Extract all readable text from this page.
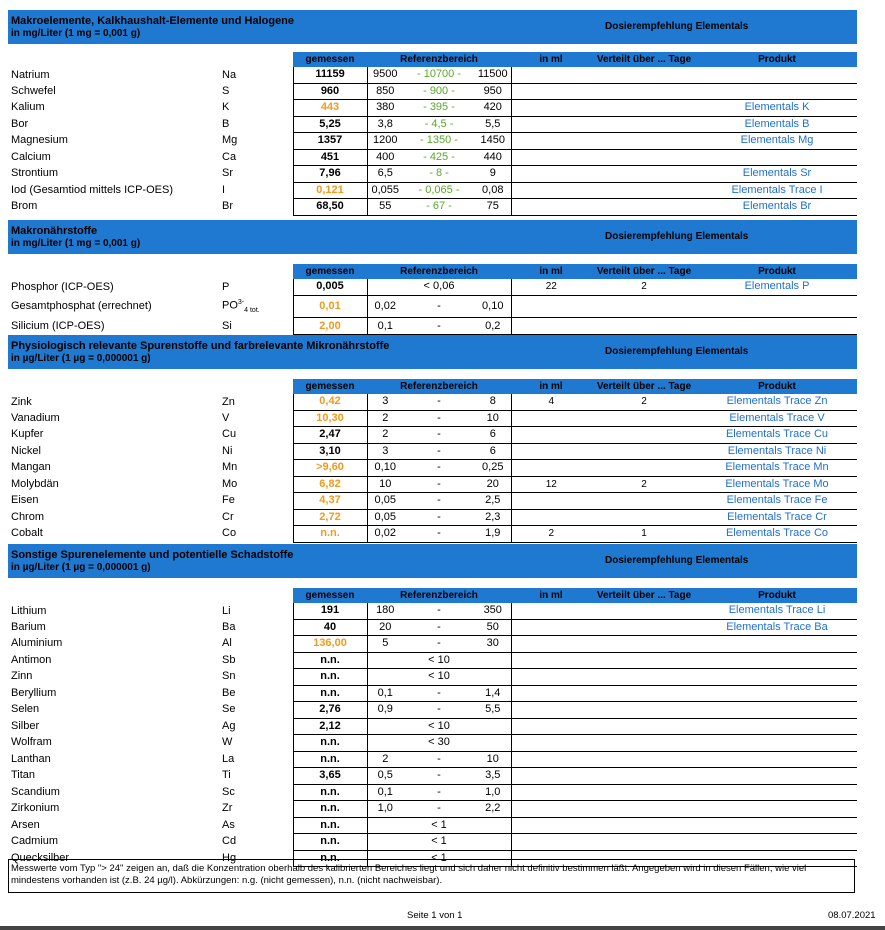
Makroelemente, Kalkhaushalt-Elemente und Halogene
in mg/Liter (1 mg = 0,001 g)
Dosierempfehlung Elementals
		gemessen	Referenzbereich			in ml	Verteilt über ... Tage	Produkt
Natrium	Na	11159	9500	- 10700 -	11500			
Schwefel	S	960	850	- 900 -	950			
Kalium	K	443	380	- 395 -	420			Elementals K
Bor	B	5,25	3,8	- 4,5 -	5,5			Elementals B
Magnesium	Mg	1357	1200	- 1350 -	1450			Elementals Mg
Calcium	Ca	451	400	- 425 -	440			
Strontium	Sr	7,96	6,5	- 8 -	9			Elementals Sr
Iod (Gesamtiod mittels ICP-OES)	I	0,121	0,055	- 0,065 -	0,08			Elementals Trace I
Brom	Br	68,50	55	- 67 -	75			Elementals Br
Makronährstoffe
in mg/Liter (1 mg = 0,001 g)
Dosierempfehlung Elementals
		gemessen	Referenzbereich			in ml	Verteilt über ... Tage	Produkt
Phosphor (ICP-OES)	P	0,005	< 0,06			22	2	Elementals P
Gesamtphosphat (errechnet)	$PO^{3-}_{4 tot.}$	0,01	0,02	-	0,10			
Silicium (ICP-OES)	Si	2,00	0,1	-	0,2			
Physiologisch relevante Spurenstoffe und farbrelevante Mikronährstoffe
in µg/Liter (1 µg = 0,000001 g)
Dosierempfehlung Elementals
		gemessen	Referenzbereich			in ml	Verteilt über ... Tage	Produkt
Zink	Zn	0,42	3	-	8	4	2	Elementals Trace Zn
Vanadium	V	10,30	2	-	10			Elementals Trace V
Kupfer	Cu	2,47	2	-	6			Elementals Trace Cu
Nickel	Ni	3,10	3	-	6			Elementals Trace Ni
Mangan	Mn	>9,60	0,10	-	0,25			Elementals Trace Mn
Molybdän	Mo	6,82	10	-	20	12	2	Elementals Trace Mo
Eisen	Fe	4,37	0,05	-	2,5			Elementals Trace Fe
Chrom	Cr	2,72	0,05	-	2,3			Elementals Trace Cr
Cobalt	Co	n.n.	0,02	-	1,9	2	1	Elementals Trace Co
Sonstige Spurenelemente und potentielle Schadstoffe
in µg/Liter (1 µg = 0,000001 g)
Dosierempfehlung Elementals
		gemessen	Referenzbereich			in ml	Verteilt über ... Tage	Produkt
Lithium	Li	191	180	-	350			Elementals Trace Li
Barium	Ba	40	20	-	50			Elementals Trace Ba
Aluminium	Al	136,00	5	-	30			
Antimon	Sb	n.n.	< 10					
Zinn	Sn	n.n.	< 10					
Beryllium	Be	n.n.	0,1	-	1,4			
Selen	Se	2,76	0,9	-	5,5			
Silber	Ag	2,12	< 10					
Wolfram	W	n.n.	< 30					
Lanthan	La	n.n.	2	-	10			
Titan	Ti	3,65	0,5	-	3,5			
Scandium	Sc	n.n.	0,1	-	1,0			
Zirkonium	Zr	n.n.	1,0	-	2,2			
Arsen	As	n.n.	< 1					
Cadmium	Cd	n.n.	< 1					
Quecksilber	Hg	n.n.	< 1					
Messwerte vom Typ "> 24" zeigen an, daß die Konzentration oberhalb des kalibrierten Bereiches liegt und sich daher nicht definitiv bestimmen läßt. Angegeben wird in diesen Fällen, wie viel mindestens vorhanden ist (z.B. 24 µg/l). Abkürzungen: n.g. (nicht gemessen), n.n. (nicht nachweisbar).
Seite 1 von 1	08.07.2021
